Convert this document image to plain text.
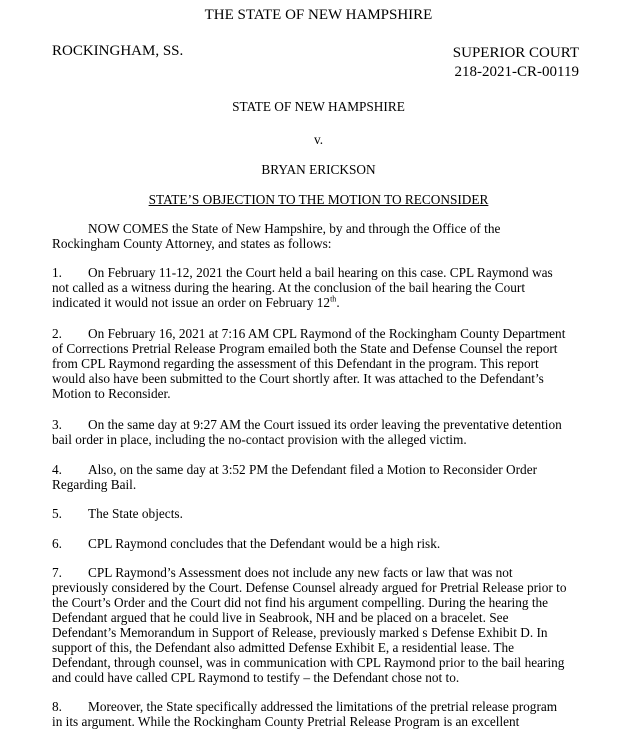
THE STATE OF NEW HAMPSHIRE
ROCKINGHAM, SS.	SUPERIOR COURT
218-2021-CR-00119
STATE OF NEW HAMPSHIRE
v.
BRYAN ERICKSON
STATE’S OBJECTION TO THE MOTION TO RECONSIDER
NOW COMES the State of New Hampshire, by and through the Office of the
Rockingham County Attorney, and states as follows:
1. On February 11-12, 2021 the Court held a bail hearing on this case. CPL Raymond was
not called as a witness during the hearing. At the conclusion of the bail hearing the Court
indicated it would not issue an order on February 12th.
2. On February 16, 2021 at 7:16 AM CPL Raymond of the Rockingham County Department
of Corrections Pretrial Release Program emailed both the State and Defense Counsel the report
from CPL Raymond regarding the assessment of this Defendant in the program. This report
would also have been submitted to the Court shortly after. It was attached to the Defendant’s
Motion to Reconsider.
3. On the same day at 9:27 AM the Court issued its order leaving the preventative detention
bail order in place, including the no-contact provision with the alleged victim.
4. Also, on the same day at 3:52 PM the Defendant filed a Motion to Reconsider Order
Regarding Bail.
5. The State objects.
6. CPL Raymond concludes that the Defendant would be a high risk.
7. CPL Raymond’s Assessment does not include any new facts or law that was not
previously considered by the Court. Defense Counsel already argued for Pretrial Release prior to
the Court’s Order and the Court did not find his argument compelling. During the hearing the
Defendant argued that he could live in Seabrook, NH and be placed on a bracelet. See
Defendant’s Memorandum in Support of Release, previously marked s Defense Exhibit D. In
support of this, the Defendant also admitted Defense Exhibit E, a residential lease. The
Defendant, through counsel, was in communication with CPL Raymond prior to the bail hearing
and could have called CPL Raymond to testify – the Defendant chose not to.
8. Moreover, the State specifically addressed the limitations of the pretrial release program
in its argument. While the Rockingham County Pretrial Release Program is an excellent
